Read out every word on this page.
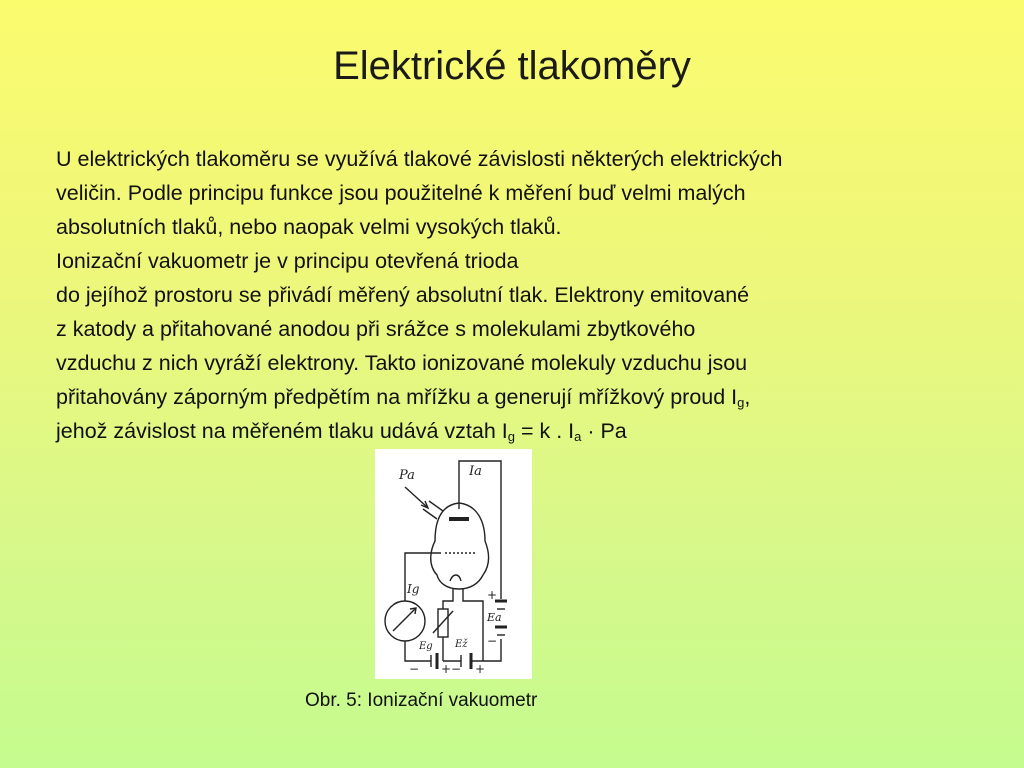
Elektrické tlakoměry
U elektrických tlakoměru se využívá tlakové závislosti některých elektrických
veličin. Podle principu funkce jsou použitelné k měření buď velmi malých
absolutních tlaků, nebo naopak velmi vysokých tlaků.
Ionizační vakuometr je v principu otevřená trioda
do jejíhož prostoru se přivádí měřený absolutní tlak. Elektrony emitované
z katody a přitahované anodou při srážce s molekulami zbytkového
vzduchu z nich vyráží elektrony. Takto ionizované molekuly vzduchu jsou
přitahovány záporným předpětím na mřížku a generují mřížkový proud $I_g$,
jehož závislost na měřeném tlaku udává vztah $I_g = k$ . $I_a \cdot Pa$
Pa	Ia
Ig
Ea
Eg Ež
− + − +
+
−
Obr. 5: Ionizační vakuometr
